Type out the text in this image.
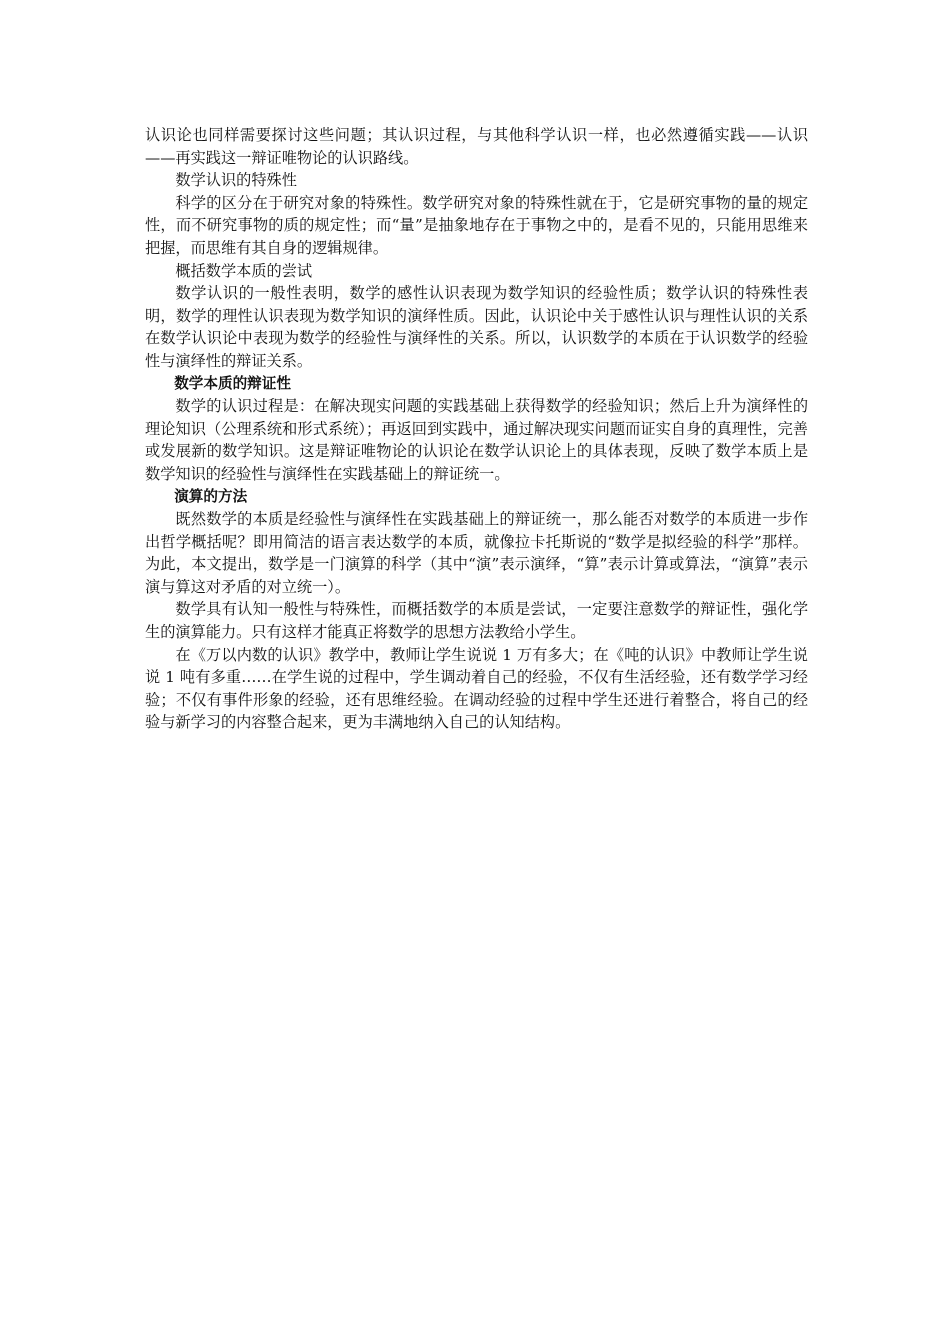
认识论也同样需要探讨这些问题；其认识过程，与其他科学认识一样，也必然遵循实践——认识——再实践这一辩证唯物论的认识路线。

数学认识的特殊性

科学的区分在于研究对象的特殊性。数学研究对象的特殊性就在于，它是研究事物的量的规定性，而不研究事物的质的规定性；而“量”是抽象地存在于事物之中的，是看不见的，只能用思维来把握，而思维有其自身的逻辑规律。

概括数学本质的尝试

数学认识的一般性表明，数学的感性认识表现为数学知识的经验性质；数学认识的特殊性表明，数学的理性认识表现为数学知识的演绎性质。因此，认识论中关于感性认识与理性认识的关系在数学认识论中表现为数学的经验性与演绎性的关系。所以，认识数学的本质在于认识数学的经验性与演绎性的辩证关系。

数学本质的辩证性

数学的认识过程是：在解决现实问题的实践基础上获得数学的经验知识；然后上升为演绎性的理论知识（公理系统和形式系统）；再返回到实践中，通过解决现实问题而证实自身的真理性，完善或发展新的数学知识。这是辩证唯物论的认识论在数学认识论上的具体表现，反映了数学本质上是数学知识的经验性与演绎性在实践基础上的辩证统一。

演算的方法

既然数学的本质是经验性与演绎性在实践基础上的辩证统一，那么能否对数学的本质进一步作出哲学概括呢？即用简洁的语言表达数学的本质，就像拉卡托斯说的“数学是拟经验的科学”那样。为此，本文提出，数学是一门演算的科学（其中“演”表示演绎，“算”表示计算或算法，“演算”表示演与算这对矛盾的对立统一）。

数学具有认知一般性与特殊性，而概括数学的本质是尝试，一定要注意数学的辩证性，强化学生的演算能力。只有这样才能真正将数学的思想方法教给小学生。

在《万以内数的认识》教学中，教师让学生说说 1 万有多大；在《吨的认识》中教师让学生说说 1 吨有多重……在学生说的过程中，学生调动着自己的经验，不仅有生活经验，还有数学学习经验；不仅有事件形象的经验，还有思维经验。在调动经验的过程中学生还进行着整合，将自己的经验与新学习的内容整合起来，更为丰满地纳入自己的认知结构。
